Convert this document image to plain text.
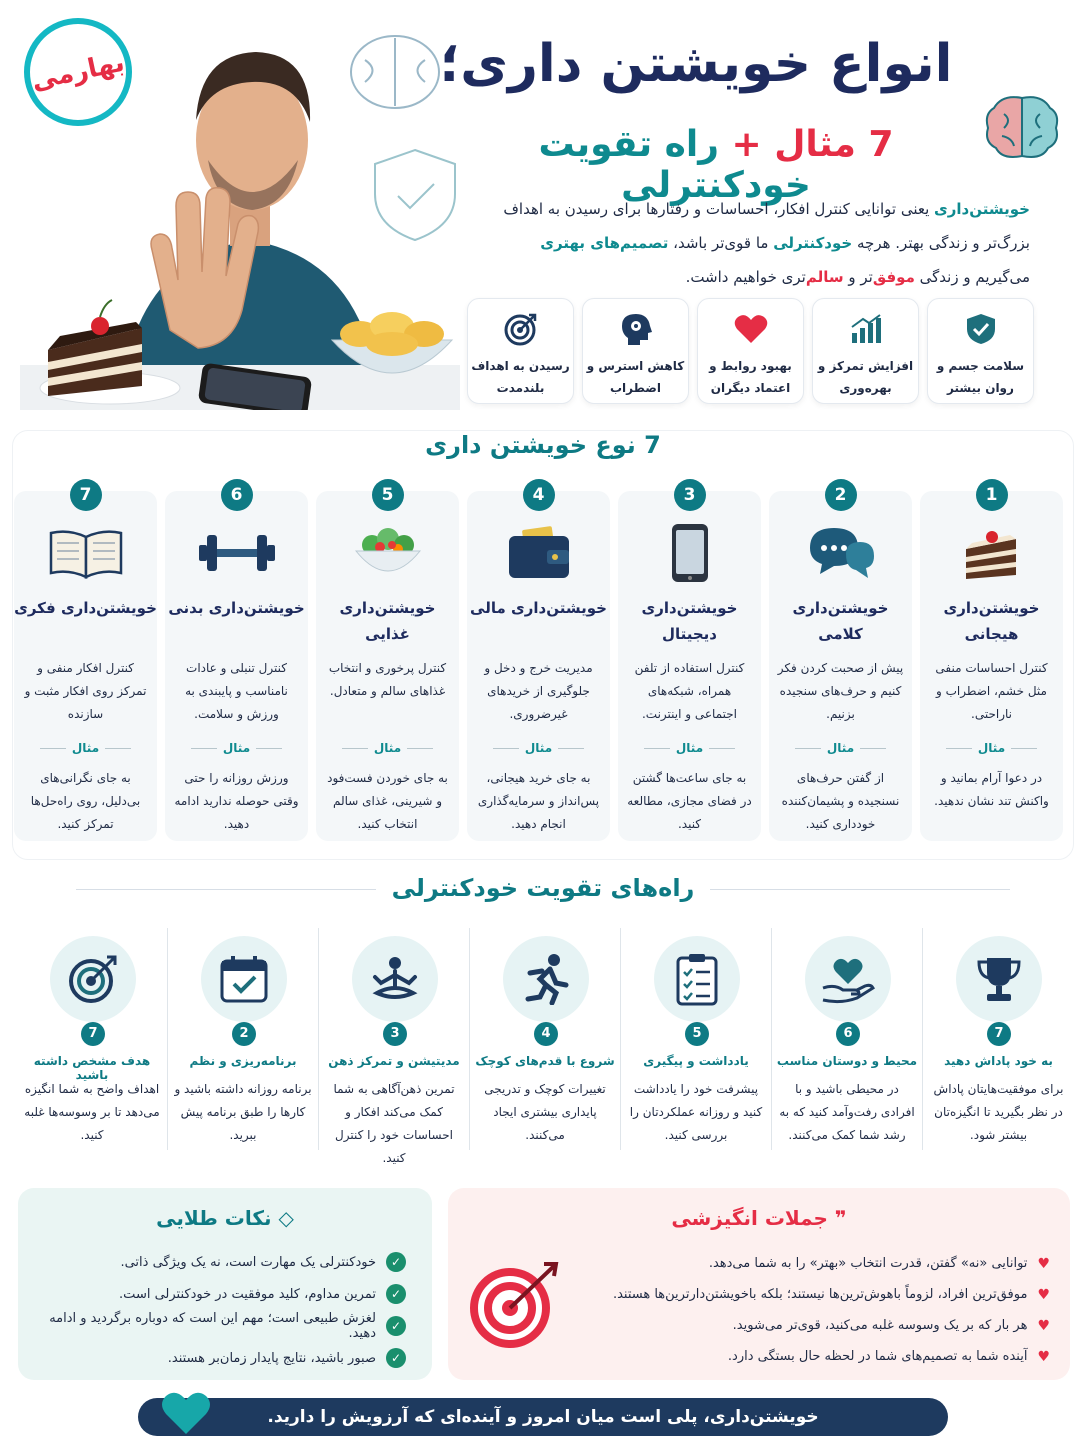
بهارمی	انواع خویشتن داری؛
7 مثال + راه تقویت خودکنترلی
خویشتن‌داری یعنی توانایی کنترل افکار، احساسات و رفتارها برای رسیدن به اهداف بزرگ‌تر و زندگی بهتر. هرچه خودکنترلی ما قوی‌تر باشد، تصمیم‌های بهتری می‌گیریم و زندگی موفق‌تر و سالم‌تری خواهیم داشت.
سلامت جسم و روان بیشتر
افزایش تمرکز و بهره‌وری
بهبود روابط و اعتماد دیگران
کاهش استرس و اضطراب
رسیدن به اهداف بلندمدت
7 نوع خویشتن داری
1
خویشتن‌داری هیجانی
کنترل احساسات منفی مثل خشم، اضطراب و ناراحتی.
مثال
در دعوا آرام بمانید و واکنش تند نشان ندهید.
2
خویشتن‌داری کلامی
پیش از صحبت کردن فکر کنیم و حرف‌های سنجیده بزنیم.
مثال
از گفتن حرف‌های نسنجیده و پشیمان‌کننده خودداری کنید.
3
خویشتن‌داری دیجیتال
کنترل استفاده از تلفن همراه، شبکه‌های اجتماعی و اینترنت.
مثال
به جای ساعت‌ها گشتن در فضای مجازی، مطالعه کنید.
4
خویشتن‌داری مالی
مدیریت خرج و دخل و جلوگیری از خریدهای غیرضروری.
مثال
به جای خرید هیجانی، پس‌انداز و سرمایه‌گذاری انجام دهید.
5
خویشتن‌داری غذایی
کنترل پرخوری و انتخاب غذاهای سالم و متعادل.
مثال
به جای خوردن فست‌فود و شیرینی، غذای سالم انتخاب کنید.
6
خویشتن‌داری بدنی
کنترل تنبلی و عادات نامناسب و پایبندی به ورزش و سلامت.
مثال
ورزش روزانه را حتی وقتی حوصله ندارید ادامه دهید.
7
خویشتن‌داری فکری
کنترل افکار منفی و تمرکز روی افکار مثبت و سازنده
مثال
به جای نگرانی‌های بی‌دلیل، روی راه‌حل‌ها تمرکز کنید.
راه‌های تقویت خودکنترلی
7
به خود پاداش دهید
برای موفقیت‌هایتان پاداش در نظر بگیرید تا انگیزه‌تان بیشتر شود.
6
محیط و دوستان مناسب
در محیطی باشید و با افرادی رفت‌وآمد کنید که به رشد شما کمک می‌کنند.
5
یادداشت و پیگیری
پیشرفت خود را یادداشت کنید و روزانه عملکردتان را بررسی کنید.
4
شروع با قدم‌های کوچک
تغییرات کوچک و تدریجی پایداری بیشتری ایجاد می‌کنند.
3
مدیتیشن و تمرکز ذهن
تمرین ذهن‌آگاهی به شما کمک می‌کند افکار و احساسات خود را کنترل کنید.
2
برنامه‌ریزی و نظم
برنامه روزانه داشته باشید و کارها را طبق برنامه پیش ببرید.
7
هدف مشخص داشته باشید
اهداف واضح به شما انگیزه می‌دهد تا بر وسوسه‌ها غلبه کنید.
❞ جملات انگیزشی
♥
توانایی «نه» گفتن، قدرت انتخاب «بهتر» را به شما می‌دهد.
♥
موفق‌ترین افراد، لزوماً باهوش‌ترین‌ها نیستند؛ بلکه باخویشتن‌دارترین‌ها هستند.
♥
هر بار که بر یک وسوسه غلبه می‌کنید، قوی‌تر می‌شوید.
♥
آینده شما به تصمیم‌های شما در لحظه حال بستگی دارد.
◇ نکات طلایی
✓
خودکنترلی یک مهارت است، نه یک ویژگی ذاتی.
✓
تمرین مداوم، کلید موفقیت در خودکنترلی است.
✓
لغزش طبیعی است؛ مهم این است که دوباره برگردید و ادامه دهید.
✓
صبور باشید، نتایج پایدار زمان‌بر هستند.
خویشتن‌داری، پلی است میان امروز و آینده‌ای که آرزویش را دارید.
